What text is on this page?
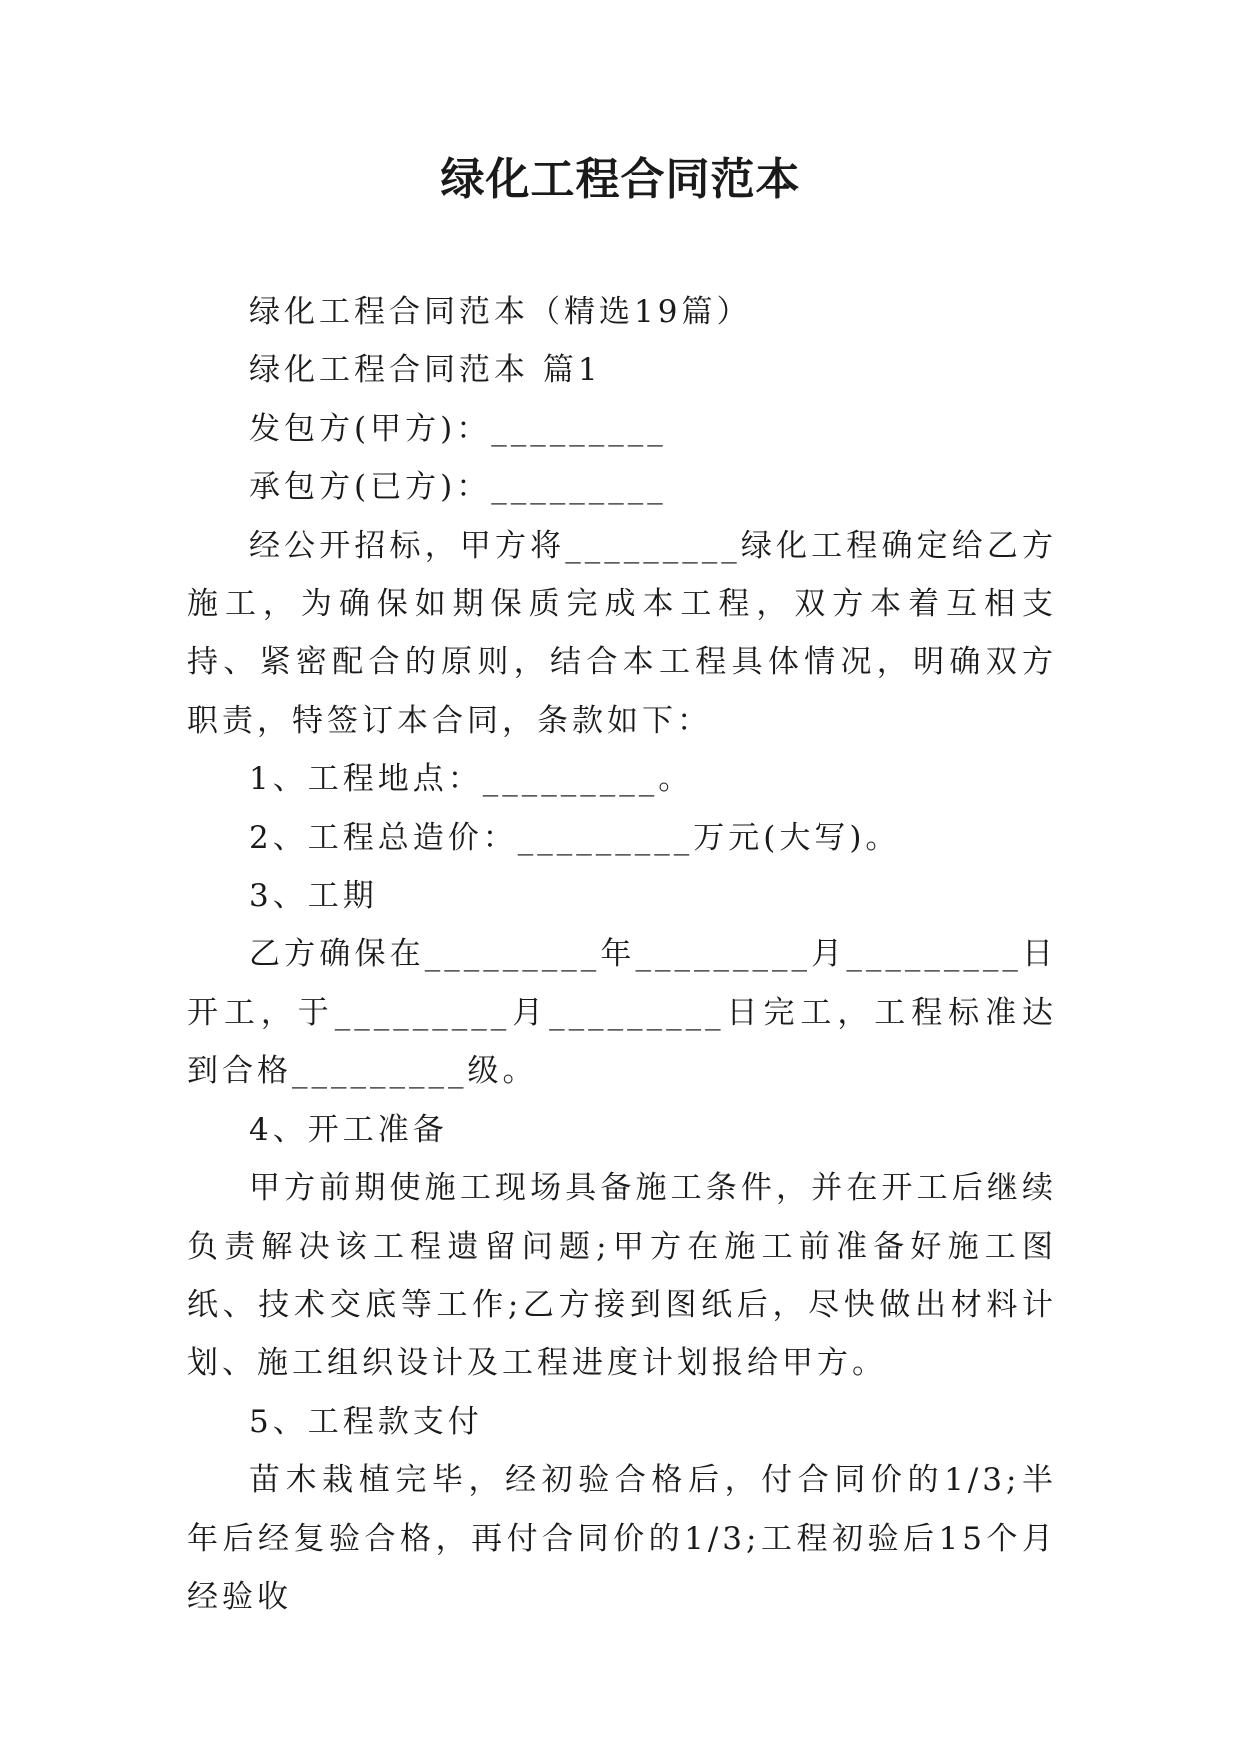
绿化工程合同范本

绿化工程合同范本（精选19篇）

绿化工程合同范本 篇1

发包方(甲方)：_________

承包方(已方)：_________

经公开招标，甲方将_________绿化工程确定给乙方施工，为确保如期保质完成本工程，双方本着互相支持、紧密配合的原则，结合本工程具体情况，明确双方职责，特签订本合同，条款如下：

1、工程地点：_________。

2、工程总造价：_________万元(大写)。

3、工期

乙方确保在_________年_________月_________日开工，于_________月_________日完工，工程标准达到合格_________级。

4、开工准备

甲方前期使施工现场具备施工条件，并在开工后继续负责解决该工程遗留问题;甲方在施工前准备好施工图纸、技术交底等工作;乙方接到图纸后，尽快做出材料计划、施工组织设计及工程进度计划报给甲方。

5、工程款支付

苗木栽植完毕，经初验合格后，付合同价的1/3;半年后经复验合格，再付合同价的1/3;工程初验后15个月经验收
